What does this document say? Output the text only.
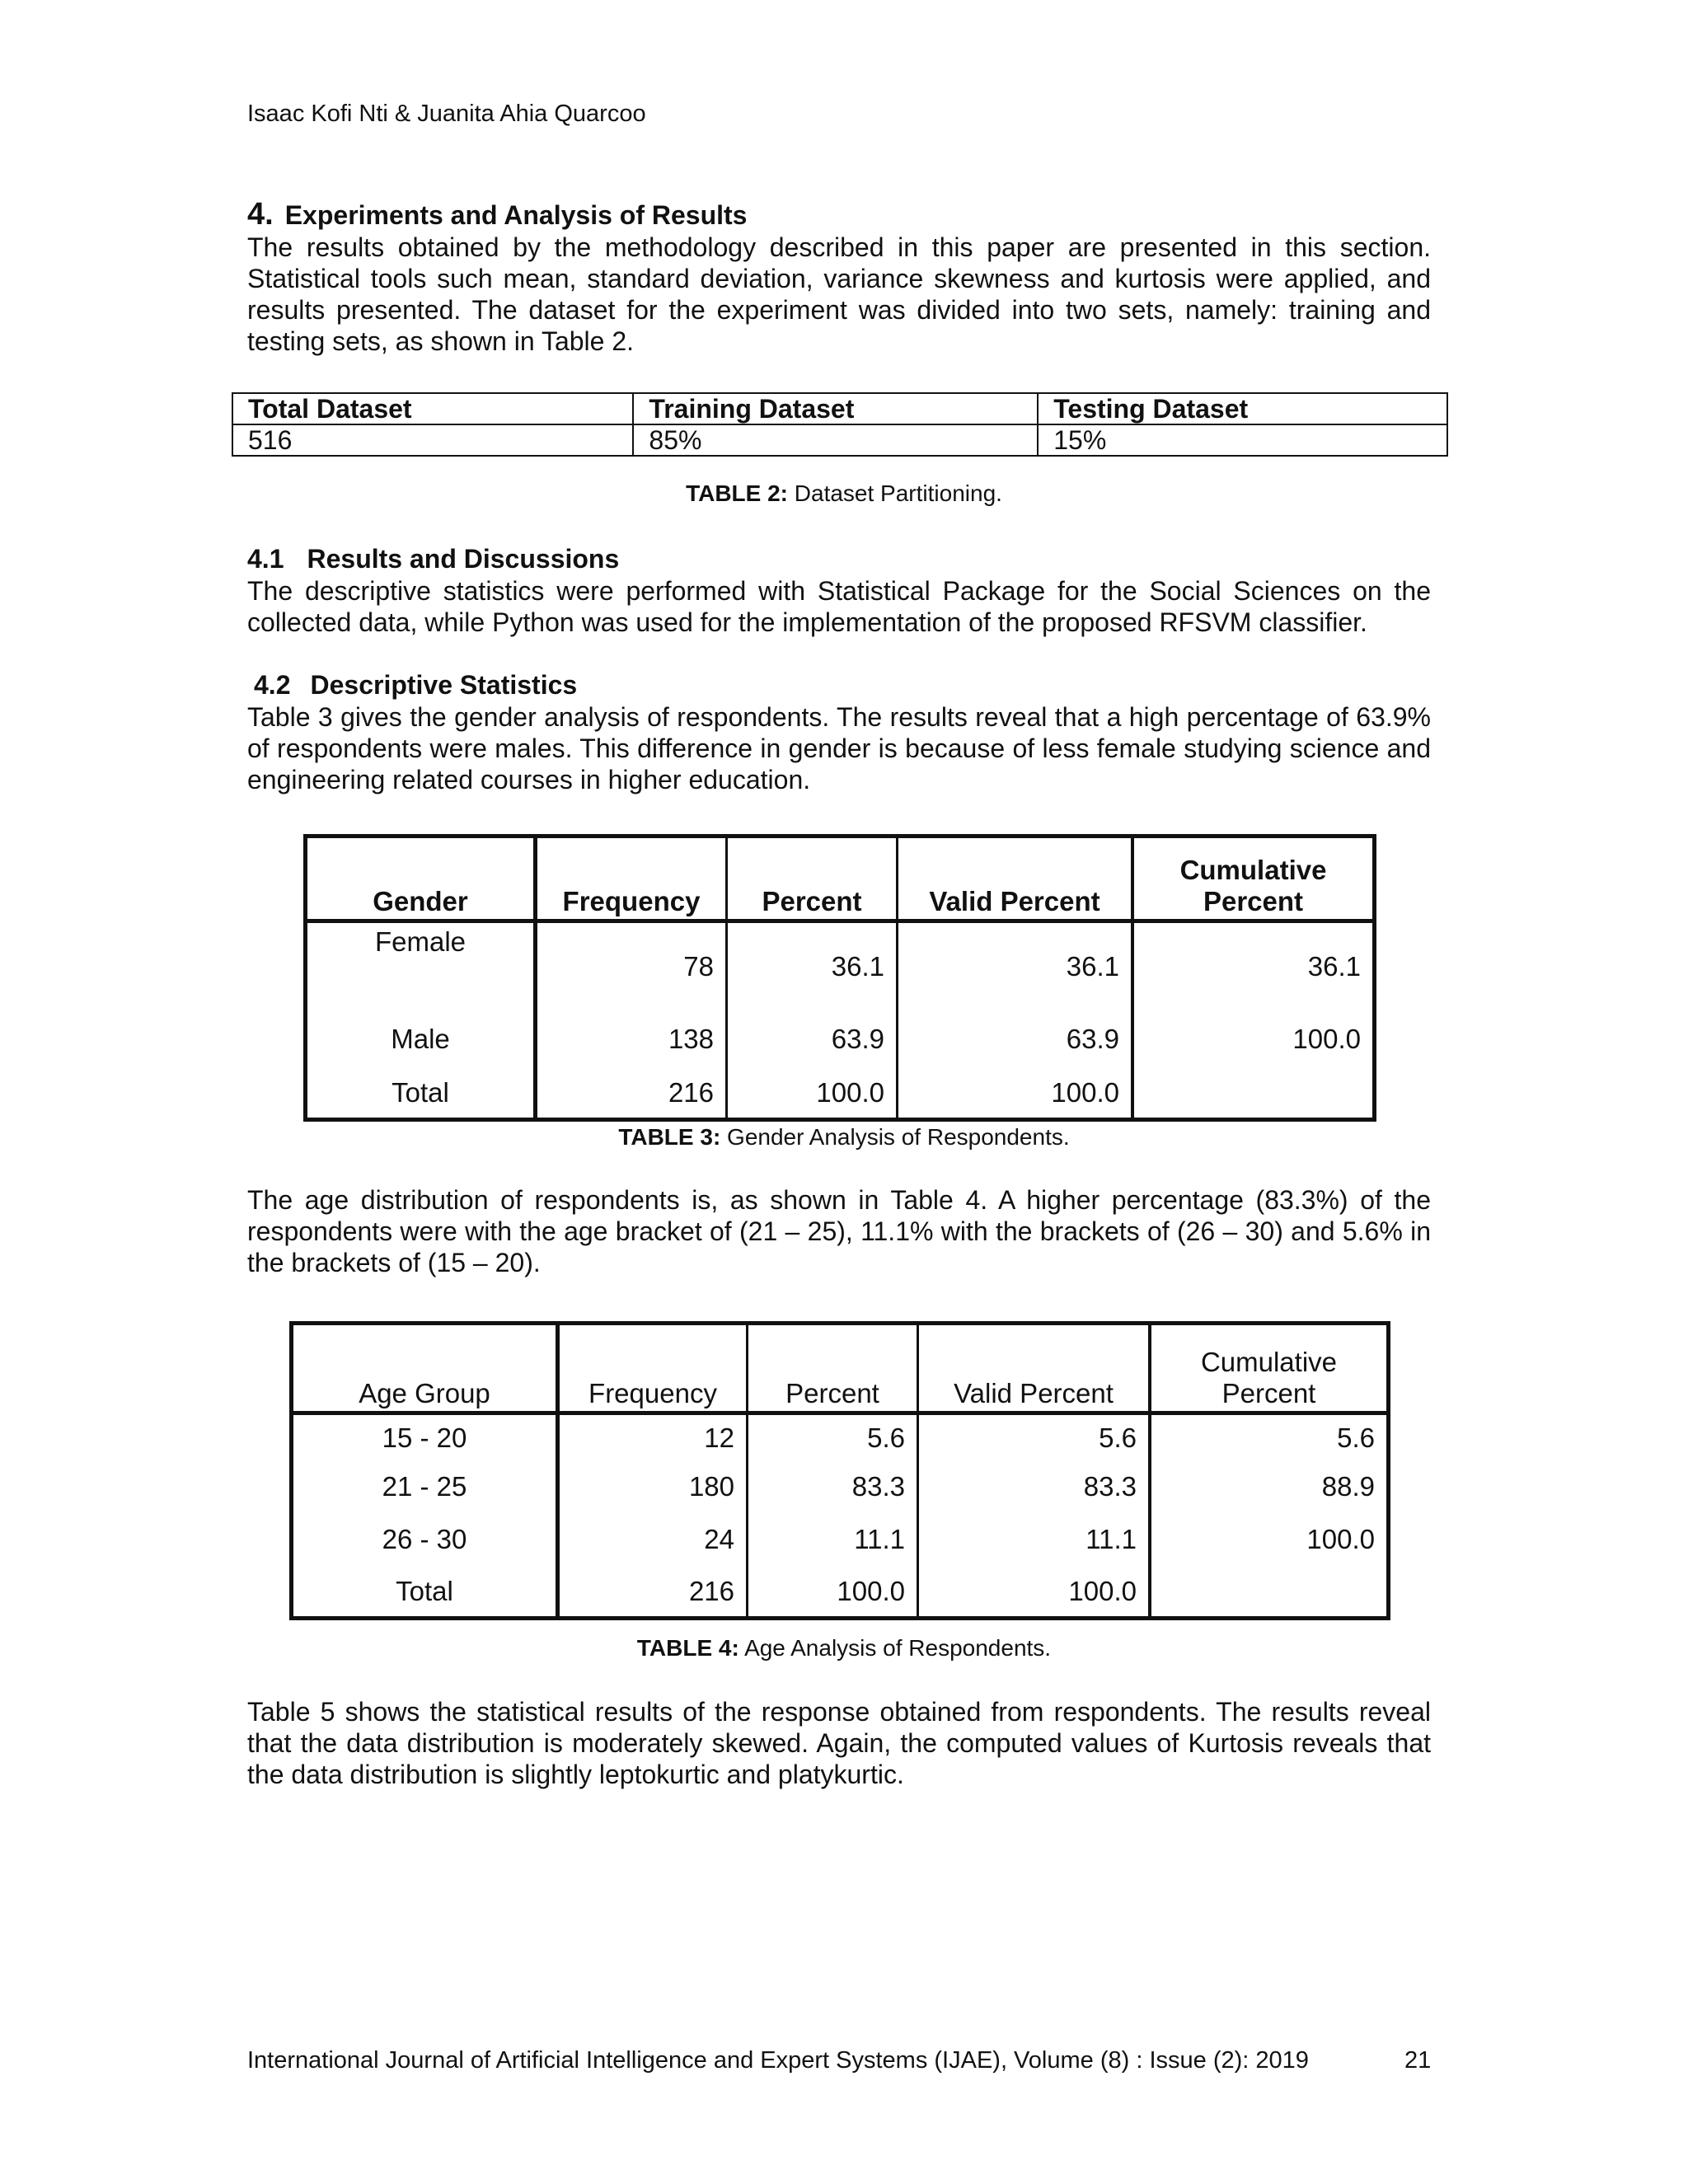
Isaac Kofi Nti & Juanita Ahia Quarcoo

4. Experiments and Analysis of Results

The results obtained by the methodology described in this paper are presented in this section. Statistical tools such mean, standard deviation, variance skewness and kurtosis were applied, and results presented. The dataset for the experiment was divided into two sets, namely: training and testing sets, as shown in Table 2.

Total Dataset	Training Dataset	Testing Dataset
516	85%	15%
TABLE 2: Dataset Partitioning.

4.1 Results and Discussions

The descriptive statistics were performed with Statistical Package for the Social Sciences on the collected data, while Python was used for the implementation of the proposed RFSVM classifier.

4.2 Descriptive Statistics

Table 3 gives the gender analysis of respondents. The results reveal that a high percentage of 63.9% of respondents were males. This difference in gender is because of less female studying science and engineering related courses in higher education.

Gender	Frequency	Percent	Valid Percent	Cumulative
Percent

Female	78	36.1	36.1	36.1
Male	138	63.9	63.9	100.0
Total	216	100.0	100.0	
TABLE 3: Gender Analysis of Respondents.

The age distribution of respondents is, as shown in Table 4. A higher percentage (83.3%) of the respondents were with the age bracket of (21 – 25), 11.1% with the brackets of (26 – 30) and 5.6% in the brackets of (15 – 20).

Age Group	Frequency	Percent	Valid Percent	Cumulative
Percent

15 - 20	12	5.6	5.6	5.6
21 - 25	180	83.3	83.3	88.9
26 - 30	24	11.1	11.1	100.0
Total	216	100.0	100.0	
TABLE 4: Age Analysis of Respondents.

Table 5 shows the statistical results of the response obtained from respondents. The results reveal that the data distribution is moderately skewed. Again, the computed values of Kurtosis reveals that the data distribution is slightly leptokurtic and platykurtic.

International Journal of Artificial Intelligence and Expert Systems (IJAE), Volume (8) : Issue (2): 2019	21
